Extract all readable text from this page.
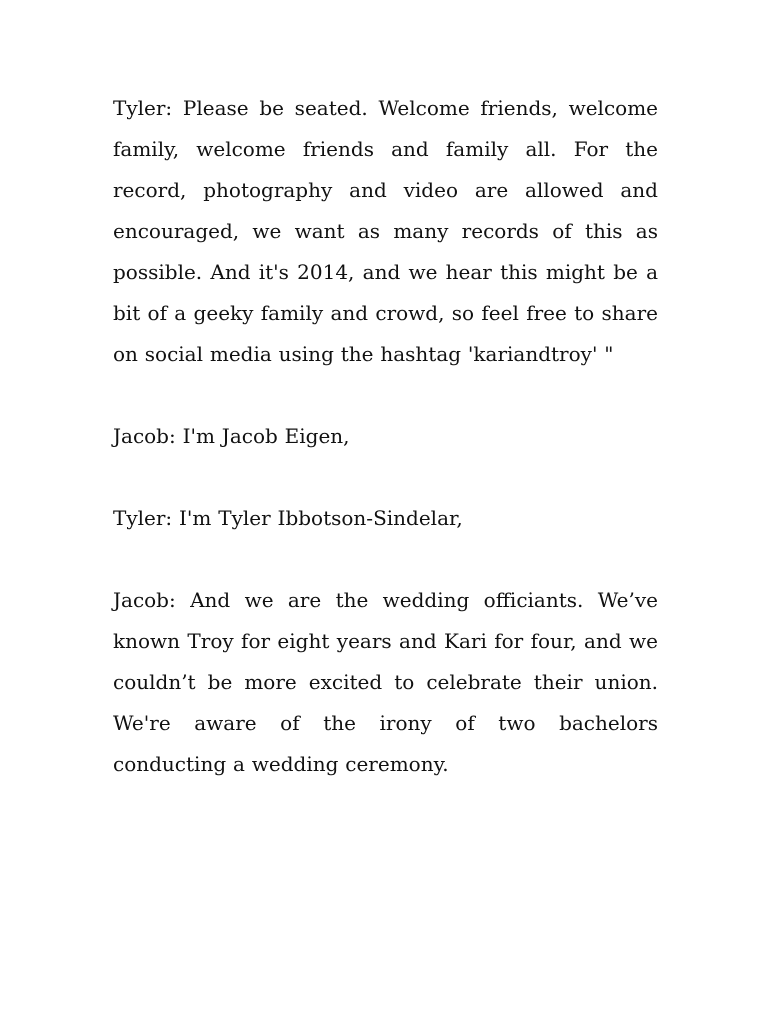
Tyler: Please be seated. Welcome friends, welcome family, welcome friends and family all. For the record, photography and video are allowed and encouraged, we want as many records of this as possible. And it's 2014, and we hear this might be a bit of a geeky family and crowd, so feel free to share on social media using the hashtag 'kariandtroy' "

Jacob: I'm Jacob Eigen,

Tyler: I'm Tyler Ibbotson-Sindelar,

Jacob: And we are the wedding officiants. We’ve known Troy for eight years and Kari for four, and we couldn’t be more excited to celebrate their union. We're aware of the irony of two bachelors conducting a wedding ceremony.
